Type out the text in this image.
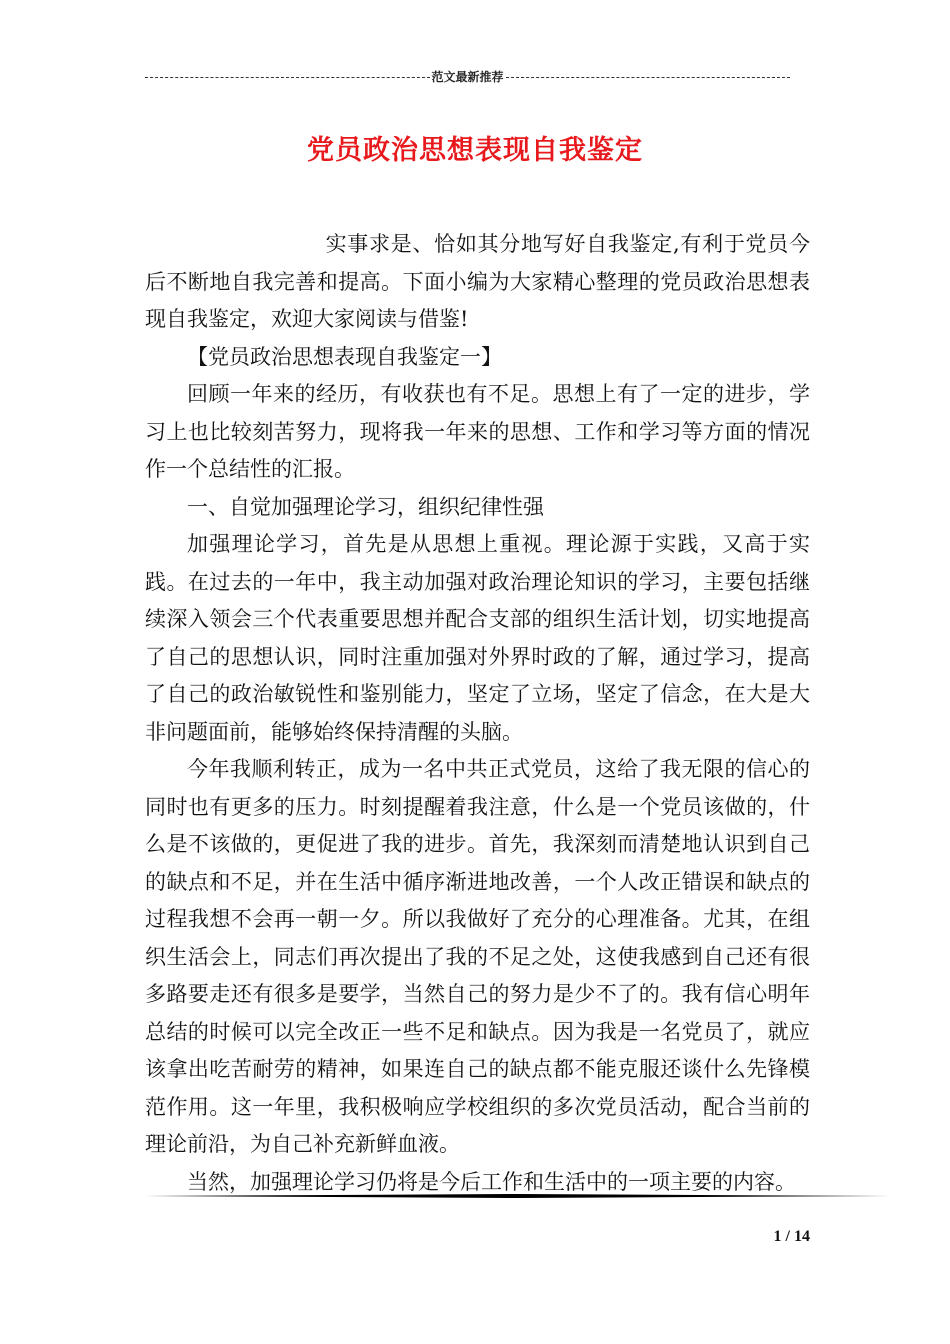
范文最新推荐
党员政治思想表现自我鉴定

实事求是、恰如其分地写好自我鉴定,有利于党员今后不断地自我完善和提高。下面小编为大家精心整理的党员政治思想表现自我鉴定，欢迎大家阅读与借鉴!

【党员政治思想表现自我鉴定一】

回顾一年来的经历，有收获也有不足。思想上有了一定的进步，学习上也比较刻苦努力，现将我一年来的思想、工作和学习等方面的情况作一个总结性的汇报。

一、自觉加强理论学习，组织纪律性强

加强理论学习，首先是从思想上重视。理论源于实践，又高于实践。在过去的一年中，我主动加强对政治理论知识的学习，主要包括继续深入领会三个代表重要思想并配合支部的组织生活计划，切实地提高了自己的思想认识，同时注重加强对外界时政的了解，通过学习，提高了自己的政治敏锐性和鉴别能力，坚定了立场，坚定了信念，在大是大非问题面前，能够始终保持清醒的头脑。

今年我顺利转正，成为一名中共正式党员，这给了我无限的信心的同时也有更多的压力。时刻提醒着我注意，什么是一个党员该做的，什么是不该做的，更促进了我的进步。首先，我深刻而清楚地认识到自己的缺点和不足，并在生活中循序渐进地改善，一个人改正错误和缺点的过程我想不会再一朝一夕。所以我做好了充分的心理准备。尤其，在组织生活会上，同志们再次提出了我的不足之处，这使我感到自己还有很多路要走还有很多是要学，当然自己的努力是少不了的。我有信心明年总结的时候可以完全改正一些不足和缺点。因为我是一名党员了，就应该拿出吃苦耐劳的精神，如果连自己的缺点都不能克服还谈什么先锋模范作用。这一年里，我积极响应学校组织的多次党员活动，配合当前的理论前沿，为自己补充新鲜血液。

当然，加强理论学习仍将是今后工作和生活中的一项主要的内容。

1 / 14
